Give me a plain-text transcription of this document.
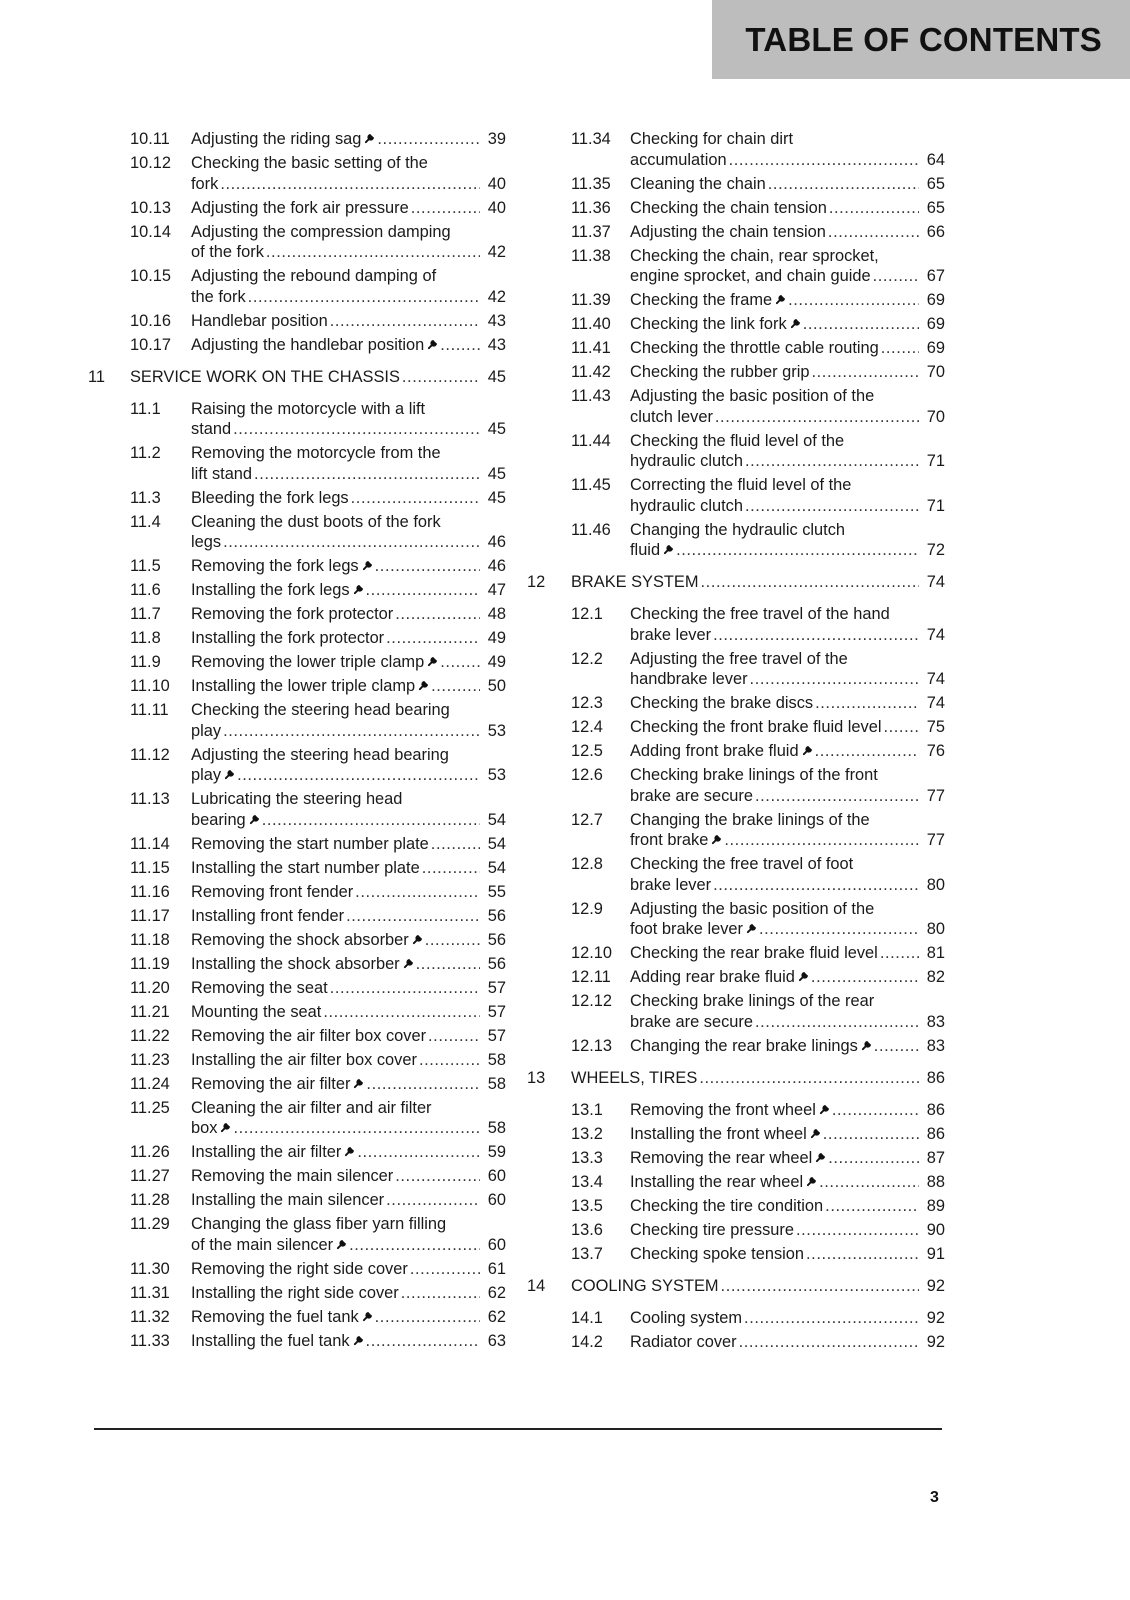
TABLE OF CONTENTS
10.11 Adjusting the riding sag .....	39
10.12 Checking the basic setting of the
fork .....	40
10.13 Adjusting the fork air pressure .....	40
10.14 Adjusting the compression damping
of the fork .....	42
10.15 Adjusting the rebound damping of
the fork .....	42
10.16 Handlebar position .....	43
10.17 Adjusting the handlebar position .....	43
11 SERVICE WORK ON THE CHASSIS .....	45
11.1 Raising the motorcycle with a lift
stand .....	45
11.2 Removing the motorcycle from the
lift stand .....	45
11.3 Bleeding the fork legs .....	45
11.4 Cleaning the dust boots of the fork
legs .....	46
11.5 Removing the fork legs .....	46
11.6 Installing the fork legs .....	47
11.7 Removing the fork protector .....	48
11.8 Installing the fork protector .....	49
11.9 Removing the lower triple clamp .....	49
11.10 Installing the lower triple clamp .....	50
11.11 Checking the steering head bearing
play .....	53
11.12 Adjusting the steering head bearing
play .....	53
11.13 Lubricating the steering head
bearing .....	54
11.14 Removing the start number plate .....	54
11.15 Installing the start number plate .....	54
11.16 Removing front fender .....	55
11.17 Installing front fender .....	56
11.18 Removing the shock absorber .....	56
11.19 Installing the shock absorber .....	56
11.20 Removing the seat .....	57
11.21 Mounting the seat .....	57
11.22 Removing the air filter box cover .....	57
11.23 Installing the air filter box cover .....	58
11.24 Removing the air filter .....	58
11.25 Cleaning the air filter and air filter
box .....	58
11.26 Installing the air filter .....	59
11.27 Removing the main silencer .....	60
11.28 Installing the main silencer .....	60
11.29 Changing the glass fiber yarn filling
of the main silencer .....	60
11.30 Removing the right side cover .....	61
11.31 Installing the right side cover .....	62
11.32 Removing the fuel tank .....	62
11.33 Installing the fuel tank .....	63
11.34 Checking for chain dirt
accumulation .....	64
11.35 Cleaning the chain .....	65
11.36 Checking the chain tension .....	65
11.37 Adjusting the chain tension .....	66
11.38 Checking the chain, rear sprocket,
engine sprocket, and chain guide .....	67
11.39 Checking the frame .....	69
11.40 Checking the link fork .....	69
11.41 Checking the throttle cable routing .....	69
11.42 Checking the rubber grip .....	70
11.43 Adjusting the basic position of the
clutch lever .....	70
11.44 Checking the fluid level of the
hydraulic clutch .....	71
11.45 Correcting the fluid level of the
hydraulic clutch .....	71
11.46 Changing the hydraulic clutch
fluid .....	72
12 BRAKE SYSTEM .....	74
12.1 Checking the free travel of the hand
brake lever .....	74
12.2 Adjusting the free travel of the
handbrake lever .....	74
12.3 Checking the brake discs .....	74
12.4 Checking the front brake fluid level .....	75
12.5 Adding front brake fluid .....	76
12.6 Checking brake linings of the front
brake are secure .....	77
12.7 Changing the brake linings of the
front brake .....	77
12.8 Checking the free travel of foot
brake lever .....	80
12.9 Adjusting the basic position of the
foot brake lever .....	80
12.10 Checking the rear brake fluid level .....	81
12.11 Adding rear brake fluid .....	82
12.12 Checking brake linings of the rear
brake are secure .....	83
12.13 Changing the rear brake linings .....	83
13 WHEELS, TIRES .....	86
13.1 Removing the front wheel .....	86
13.2 Installing the front wheel .....	86
13.3 Removing the rear wheel .....	87
13.4 Installing the rear wheel .....	88
13.5 Checking the tire condition .....	89
13.6 Checking tire pressure .....	90
13.7 Checking spoke tension .....	91
14 COOLING SYSTEM .....	92
14.1 Cooling system .....	92
14.2 Radiator cover .....	92
3
